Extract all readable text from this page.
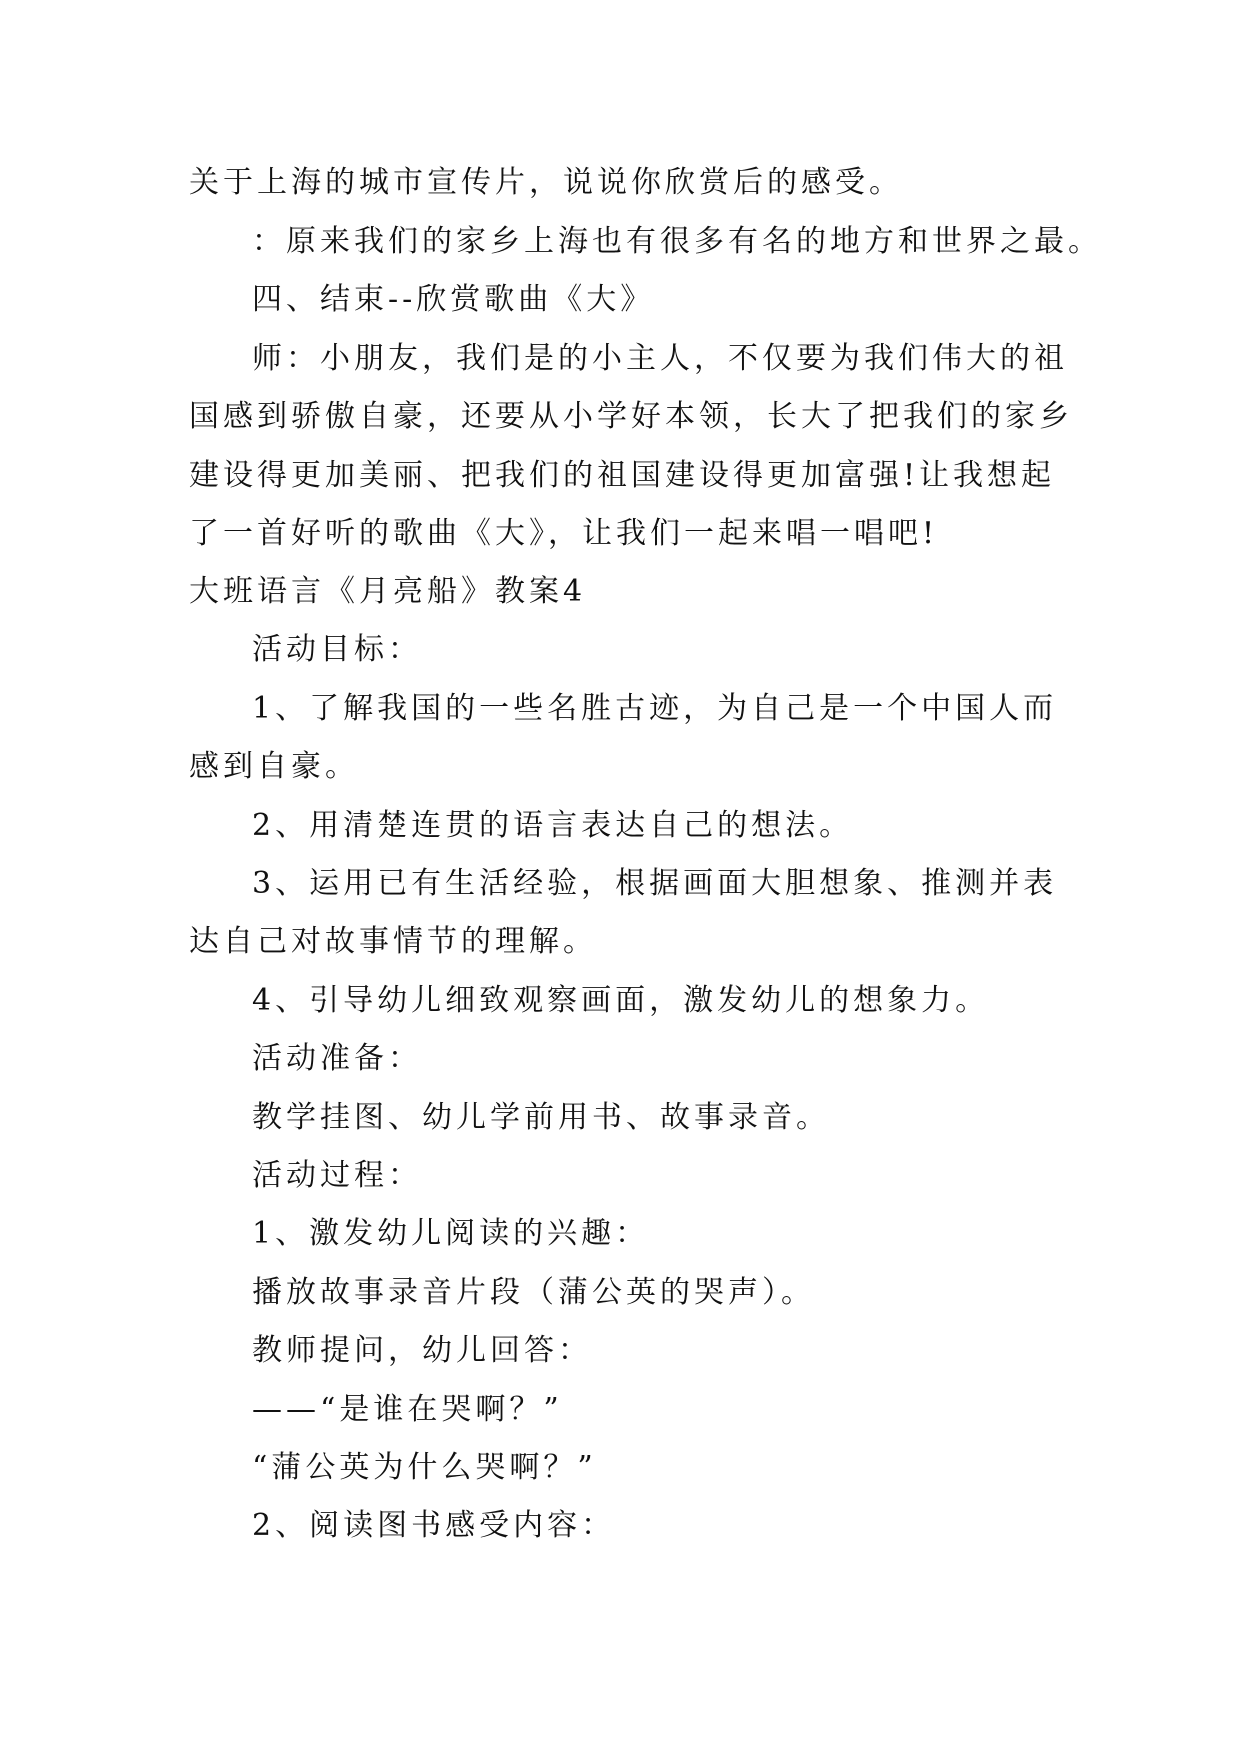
关于上海的城市宣传片，说说你欣赏后的感受。
：原来我们的家乡上海也有很多有名的地方和世界之最。
四、结束--欣赏歌曲《大》
师：小朋友，我们是的小主人，不仅要为我们伟大的祖
国感到骄傲自豪，还要从小学好本领，长大了把我们的家乡
建设得更加美丽、把我们的祖国建设得更加富强!让我想起
了一首好听的歌曲《大》，让我们一起来唱一唱吧!
大班语言《月亮船》教案4
活动目标：
1、了解我国的一些名胜古迹，为自己是一个中国人而
感到自豪。
2、用清楚连贯的语言表达自己的想法。
3、运用已有生活经验，根据画面大胆想象、推测并表
达自己对故事情节的理解。
4、引导幼儿细致观察画面，激发幼儿的想象力。
活动准备：
教学挂图、幼儿学前用书、故事录音。
活动过程：
1、激发幼儿阅读的兴趣：
播放故事录音片段（蒲公英的哭声）。
教师提问，幼儿回答：
——“是谁在哭啊？”
“蒲公英为什么哭啊？”
2、阅读图书感受内容：
